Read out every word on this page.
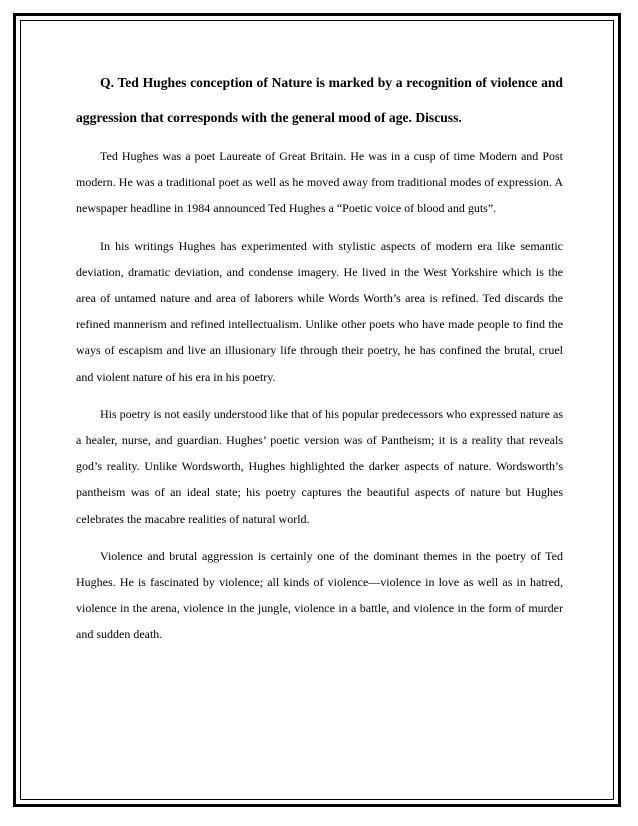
Q. Ted Hughes conception of Nature is marked by a recognition of violence and aggression that corresponds with the general mood of age. Discuss.

Ted Hughes was a poet Laureate of Great Britain. He was in a cusp of time Modern and Post modern. He was a traditional poet as well as he moved away from traditional modes of expression. A newspaper headline in 1984 announced Ted Hughes a “Poetic voice of blood and guts”.

In his writings Hughes has experimented with stylistic aspects of modern era like semantic deviation, dramatic deviation, and condense imagery. He lived in the West Yorkshire which is the area of untamed nature and area of laborers while Words Worth’s area is refined. Ted discards the refined mannerism and refined intellectualism. Unlike other poets who have made people to find the ways of escapism and live an illusionary life through their poetry, he has confined the brutal, cruel and violent nature of his era in his poetry.

His poetry is not easily understood like that of his popular predecessors who expressed nature as a healer, nurse, and guardian. Hughes’ poetic version was of Pantheism; it is a reality that reveals god’s reality. Unlike Wordsworth, Hughes highlighted the darker aspects of nature. Wordsworth’s pantheism was of an ideal state; his poetry captures the beautiful aspects of nature but Hughes celebrates the macabre realities of natural world.

Violence and brutal aggression is certainly one of the dominant themes in the poetry of Ted Hughes. He is fascinated by violence; all kinds of violence—violence in love as well as in hatred, violence in the arena, violence in the jungle, violence in a battle, and violence in the form of murder and sudden death.
